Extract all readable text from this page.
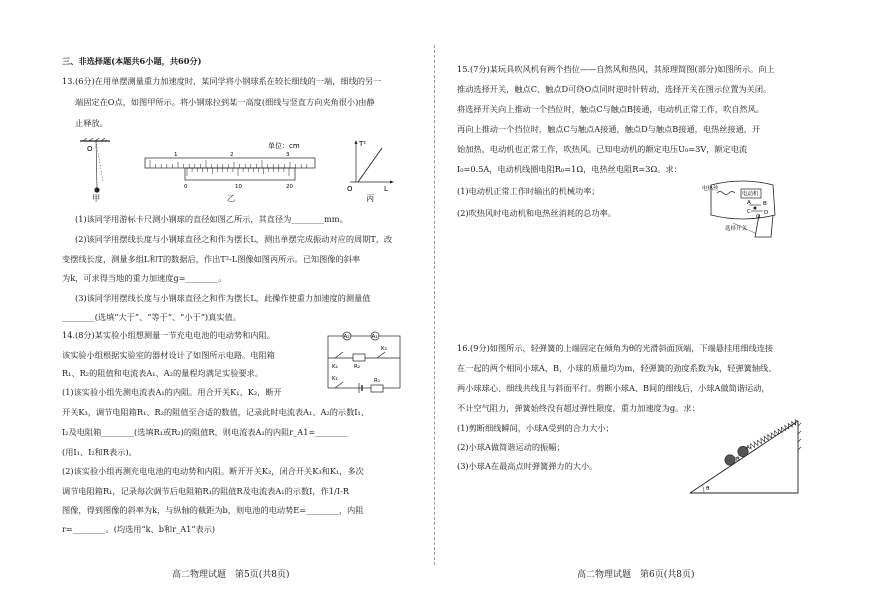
三、非选择题(本题共6小题，共60分)
13.(6分)在用单摆测量重力加速度时，某同学将小钢球系在较长细线的一端，细线的另一
端固定在O点，如图甲所示。将小钢球拉到某一高度(细线与竖直方向夹角很小)由静
止释放。
O
甲
单位：cm
1	2	3
0	10	20
乙
T²
L
O
丙
(1)该同学用游标卡尺测小钢球的直径如图乙所示，其直径为________mm。
(2)该同学用摆线长度与小钢球直径之和作为摆长L，测出单摆完成振动对应的周期T，改
变摆线长度，测量多组L和T的数据后，作出T²-L图像如图丙所示。已知图像的斜率
为k，可求得当地的重力加速度g=________。
(3)该同学用摆线长度与小钢球直径之和作为摆长L，此操作使重力加速度的测量值
________(选填“大于”、“等于”、“小于”)真实值。
14.(8分)某实验小组想测量一节充电电池的电动势和内阻。
该实验小组根据实验室的器材设计了如图所示电路。电阻箱
R₁、R₂的阻值和电流表A₁、A₂的量程均满足实验要求。
(1)该实验小组先测电流表A₁的内阻。用合开关K₁、K₂，断开
A₂	A₁
K₂
K₃
R₂
K₁	R₁
开关K₃，调节电阻箱R₁、R₂的阻值至合适的数值，记录此时电流表A₁、A₂的示数I₁、
I₂及电阻箱________(选填R₁或R₂)的阻值R，则电流表A₁的内阻r_A1=________
(用I₁、I₂和R表示)。
(2)该实验小组再测充电电池的电动势和内阻。断开开关K₂，闭合开关K₃和K₁，多次
调节电阻箱R₁，记录每次调节后电阻箱R₁的阻值R及电流表A₁的示数I，作1/I-R
图像，得到图像的斜率为k，与纵轴的截距为b，则电池的电动势E=________，内阻
r=________。(均选用“k、b和r_A1”表示)
高二物理试题　第5页(共8页)
15.(7分)某玩具吹风机有两个挡位——自然风和热风，其原理简图(部分)如图所示。向上
推动选择开关，触点C、触点D可绕O点同时逆时针转动，选择开关在图示位置为关闭。
将选择开关向上推动一个挡位时，触点C与触点B接通，电动机正常工作，吹自然风。
再向上推动一个挡位时，触点C与触点A接通，触点D与触点B接通，电热丝接通，开
始加热，电动机也正常工作，吹热风。已知电动机的额定电压U₀=3V，额定电流
I₀=0.5A，电动机线圈电阻R₀=1Ω，电热丝电阻R=3Ω。求：
(1)电动机正常工作时输出的机械功率；
(2)吹热风时电动机和电热丝消耗的总功率。
电热丝
电动机
选择开关
A B
C D
O
16.(9分)如图所示，轻弹簧的上端固定在倾角为θ的光滑斜面顶端，下端悬挂用细线连接
在一起的两个相同小球A、B，小球的质量均为m，轻弹簧的劲度系数为k，轻弹簧轴线、
两小球球心、细线共线且与斜面平行。剪断小球A、B间的细线后，小球A做简谐运动，
不计空气阻力，弹簧始终没有超过弹性限度，重力加速度为g。求：
(1)剪断细线瞬间，小球A受到的合力大小；
(2)小球A做简谐运动的振幅；
(3)小球A在最高点时弹簧弹力的大小。
A
B
θ
高二物理试题　第6页(共8页)
